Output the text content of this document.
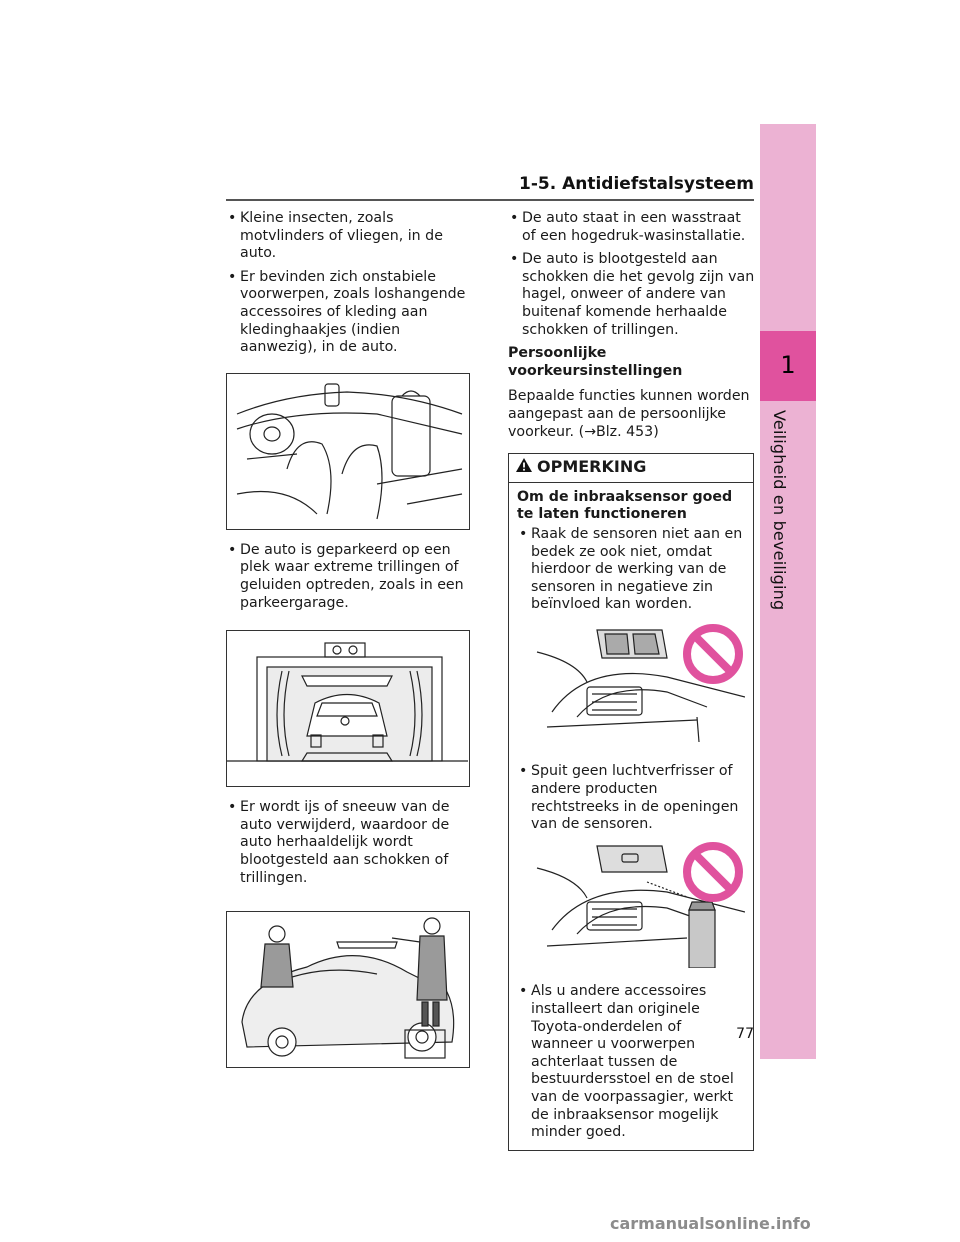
1
Veiligheid en beveiliging
1-5. Antidiefstalsysteem
• Kleine insecten, zoals motvlinders of vliegen, in de auto.
• Er bevinden zich onstabiele voorwerpen, zoals loshangende accessoires of kleding aan kledinghaakjes (indien aanwezig), in de auto.
• De auto is geparkeerd op een plek waar extreme trillingen of geluiden optreden, zoals in een parkeergarage.
• Er wordt ijs of sneeuw van de auto verwijderd, waardoor de auto herhaaldelijk wordt blootgesteld aan schokken of trillingen.
• De auto staat in een wasstraat of een hogedruk-wasinstallatie.
• De auto is blootgesteld aan schokken die het gevolg zijn van hagel, onweer of andere van buitenaf komende herhaalde schokken of trillingen.
Persoonlijke voorkeursinstellingen
Bepaalde functies kunnen worden aangepast aan de persoonlijke voorkeur. (→Blz. 453)
OPMERKING
Om de inbraaksensor goed te laten functioneren
• Raak de sensoren niet aan en bedek ze ook niet, omdat hierdoor de werking van de sensoren in negatieve zin beïnvloed kan worden.
• Spuit geen luchtverfrisser of andere producten rechtstreeks in de openingen van de sensoren.
• Als u andere accessoires installeert dan originele Toyota-onderdelen of wanneer u voorwerpen achterlaat tussen de bestuurdersstoel en de stoel van de voorpassagier, werkt de inbraaksensor mogelijk minder goed.
77
carmanualsonline.info
